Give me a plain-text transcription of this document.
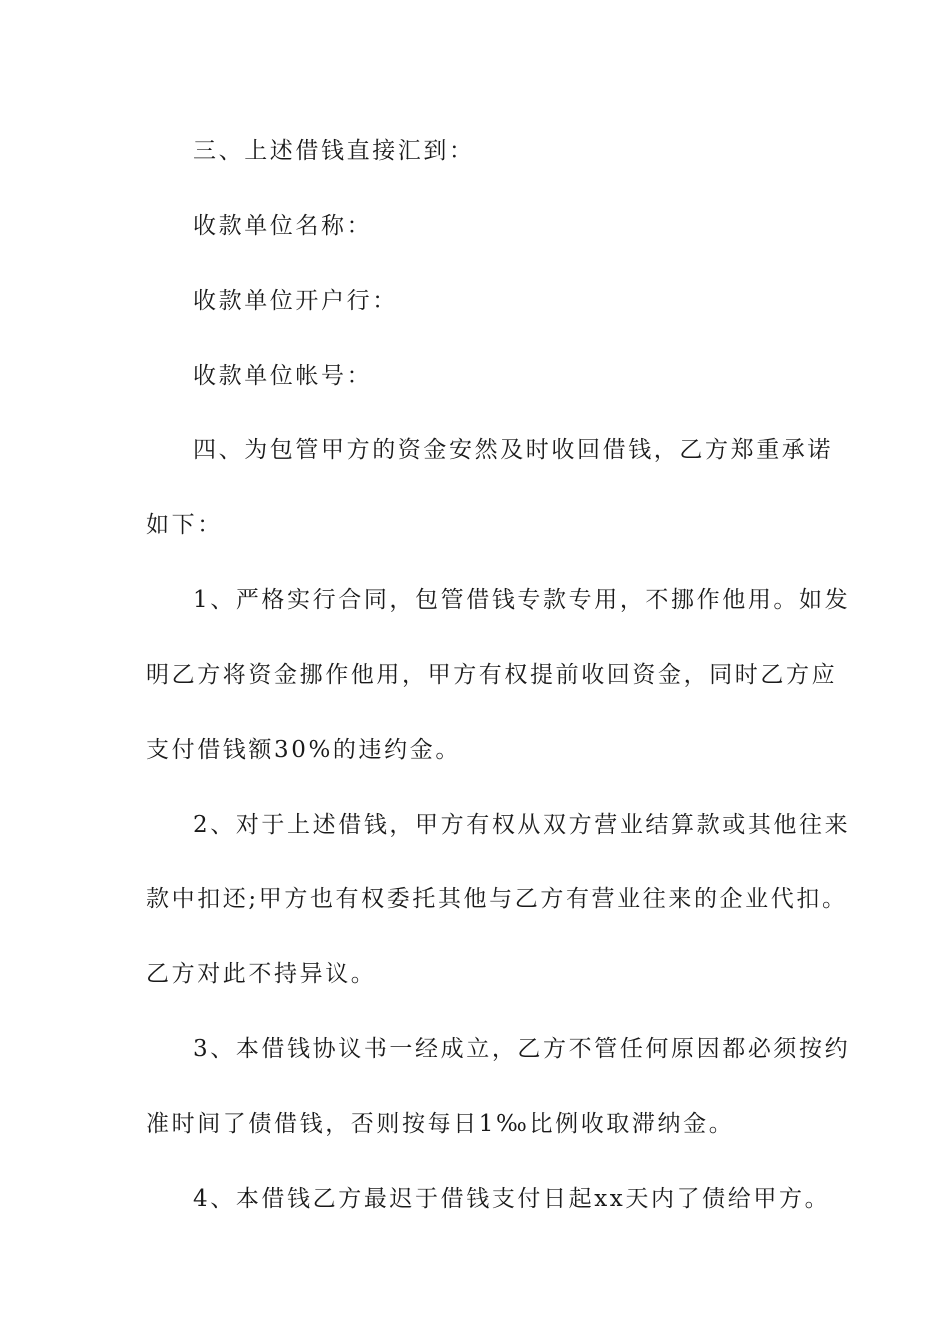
三、上述借钱直接汇到：
收款单位名称：
收款单位开户行：
收款单位帐号：
四、为包管甲方的资金安然及时收回借钱，乙方郑重承诺
如下：
1、严格实行合同，包管借钱专款专用，不挪作他用。如发
明乙方将资金挪作他用，甲方有权提前收回资金，同时乙方应
支付借钱额30%的违约金。
2、对于上述借钱，甲方有权从双方营业结算款或其他往来
款中扣还;甲方也有权委托其他与乙方有营业往来的企业代扣。
乙方对此不持异议。
3、本借钱协议书一经成立，乙方不管任何原因都必须按约
准时间了债借钱，否则按每日1‰比例收取滞纳金。
4、本借钱乙方最迟于借钱支付日起xx天内了债给甲方。
